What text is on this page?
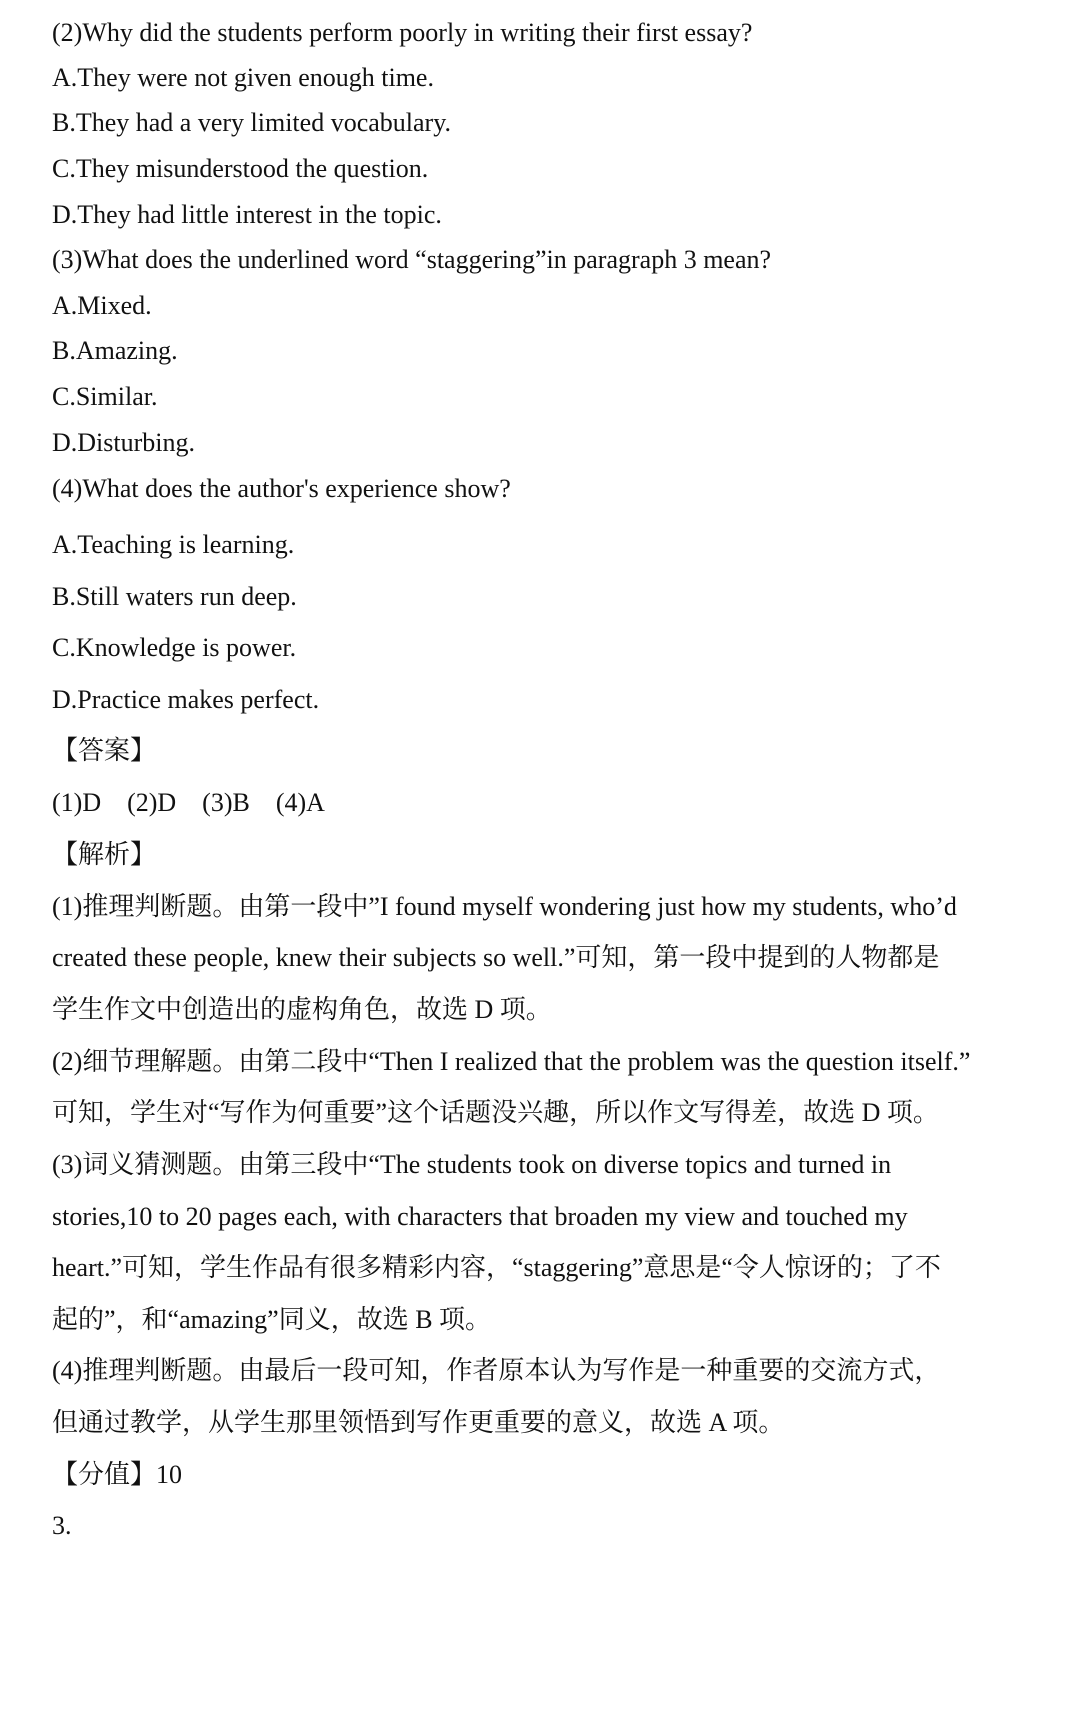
(2)Why did the students perform poorly in writing their first essay?
A.They were not given enough time.
B.They had a very limited vocabulary.
C.They misunderstood the question.
D.They had little interest in the topic.
(3)What does the underlined word “staggering”in paragraph 3 mean?
A.Mixed.
B.Amazing.
C.Similar.
D.Disturbing.
(4)What does the author's experience show?
A.Teaching is learning.
B.Still waters run deep.
C.Knowledge is power.
D.Practice makes perfect.
【答案】
(1)D　(2)D　(3)B　(4)A
【解析】
(1)推理判断题。由第一段中”I found myself wondering just how my students, who’d
created these people, knew their subjects so well.”可知，第一段中提到的人物都是
学生作文中创造出的虚构角色，故选 D 项。
(2)细节理解题。由第二段中“Then I realized that the problem was the question itself.”
可知，学生对“写作为何重要”这个话题没兴趣，所以作文写得差，故选 D 项。
(3)词义猜测题。由第三段中“The students took on diverse topics and turned in
stories,10 to 20 pages each, with characters that broaden my view and touched my
heart.”可知，学生作品有很多精彩内容，“staggering”意思是“令人惊讶的；了不
起的”，和“amazing”同义，故选 B 项。
(4)推理判断题。由最后一段可知，作者原本认为写作是一种重要的交流方式，
但通过教学，从学生那里领悟到写作更重要的意义，故选 A 项。
【分值】10
3.
